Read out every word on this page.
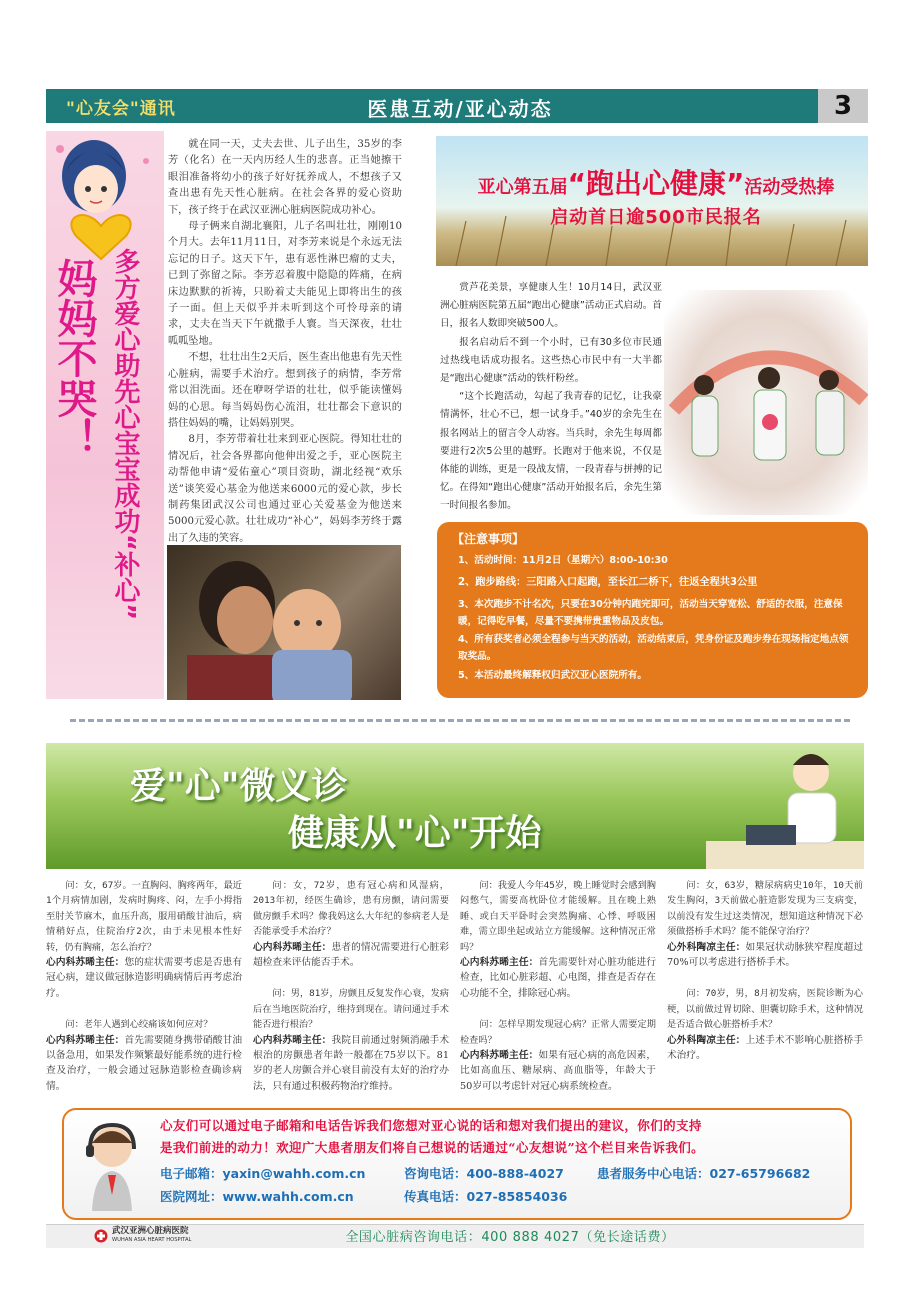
"心友会"通讯	医患互动/亚心动态	3
妈妈不哭！ 多方爱心助先心宝宝成功“补心”

就在同一天，丈夫去世、儿子出生，35岁的李芳（化名）在一天内历经人生的悲喜。正当她擦干眼泪准备将幼小的孩子好好抚养成人，不想孩子又查出患有先天性心脏病。在社会各界的爱心资助下，孩子终于在武汉亚洲心脏病医院成功补心。

母子俩来自湖北襄阳，儿子名叫壮壮，刚刚10个月大。去年11月11日，对李芳来说是个永远无法忘记的日子。这天下午，患有恶性淋巴瘤的丈夫，已到了弥留之际。李芳忍着腹中隐隐的阵痛，在病床边默默的祈祷，只盼着丈夫能见上即将出生的孩子一面。但上天似乎并未听到这个可怜母亲的请求，丈夫在当天下午就撒手人寰。当天深夜，壮壮呱呱坠地。

不想，壮壮出生2天后，医生查出他患有先天性心脏病，需要手术治疗。想到孩子的病情，李芳常常以泪洗面。还在咿呀学语的壮壮，似乎能读懂妈妈的心思。每当妈妈伤心流泪，壮壮都会下意识的搭住妈妈的嘴，让妈妈别哭。

8月，李芳带着壮壮来到亚心医院。得知壮壮的情况后，社会各界都向他伸出爱之手，亚心医院主动帮他申请“爱佑童心”项目资助，湖北经视“欢乐送”谈笑爱心基金为他送来6000元的爱心款，步长制药集团武汉公司也通过亚心关爱基金为他送来5000元爱心款。壮壮成功“补心”，妈妈李芳终于露出了久违的笑容。

亚心第五届“跑出心健康”活动受热捧
启动首日逾500市民报名

赏芦花美景，享健康人生！10月14日，武汉亚洲心脏病医院第五届“跑出心健康”活动正式启动。首日，报名人数即突破500人。

报名启动后不到一个小时，已有30多位市民通过热线电话成功报名。这些热心市民中有一大半都是“跑出心健康”活动的铁杆粉丝。

“这个长跑活动，勾起了我青春的记忆，让我豪情满怀，壮心不已，想一试身手。”40岁的余先生在报名网站上的留言令人动容。当兵时，余先生每周都要进行2次5公里的越野。长跑对于他来说，不仅是体能的训练，更是一段战友情，一段青春与拼搏的记忆。在得知“跑出心健康”活动开始报名后，余先生第一时间报名参加。

【注意事项】
1、活动时间：11月2日（星期六）8:00-10:30
2、跑步路线：三阳路入口起跑，至长江二桥下，往返全程共3公里
3、本次跑步不计名次，只要在30分钟内跑完即可，活动当天穿宽松、舒适的衣服，注意保暖，记得吃早餐，尽量不要携带贵重物品及皮包。
4、所有获奖者必须全程参与当天的活动，活动结束后，凭身份证及跑步券在现场指定地点领取奖品。
5、本活动最终解释权归武汉亚心医院所有。
爱"心"微义诊
健康从"心"开始

问：女，67岁。一直胸闷、胸疼两年，最近1个月病情加剧，发病时胸疼、闷，左手小拇指至肘关节麻木，血压升高，服用硝酸甘油后，病情稍好点，住院治疗2次，由于未见根本性好转，仍有胸痛，怎么治疗？
心内科苏晞主任：您的症状需要考虑是否患有冠心病，建议做冠脉造影明确病情后再考虑治疗。

问：老年人遇到心绞痛该如何应对？
心内科苏晞主任：首先需要随身携带硝酸甘油以备急用，如果发作频繁最好能系统的进行检查及治疗，一般会通过冠脉造影检查确诊病情。

问：女，72岁，患有冠心病和风湿病，2013年初，经医生确诊，患有房颤，请问需要做房颤手术吗？像我妈这么大年纪的参病老人是否能承受手术治疗？
心内科苏晞主任：患者的情况需要进行心脏彩超检查来评估能否手术。

问：男，81岁，房颤且反复发作心衰，发病后在当地医院治疗，维持到现在。请问通过手术能否进行根治？
心内科苏晞主任：我院目前通过射频消融手术根治的房颤患者年龄一般都在75岁以下。81岁的老人房颤合并心衰目前没有太好的治疗办法，只有通过积极药物治疗维持。

问：我爱人今年45岁，晚上睡觉时会感到胸闷憋气，需要高枕卧位才能缓解。且在晚上熟睡、或白天平卧时会突然胸痛、心悸、呼吸困难，需立即坐起或站立方能缓解。这种情况正常吗？
心内科苏晞主任：首先需要针对心脏功能进行检查，比如心脏彩超、心电图，排查是否存在心功能不全，排除冠心病。

问：怎样早期发现冠心病？正常人需要定期检查吗？
心内科苏晞主任：如果有冠心病的高危因素，比如高血压、糖尿病、高血脂等，年龄大于50岁可以考虑针对冠心病系统检查。

问：女，63岁，糖尿病病史10年，10天前发生胸闷，3天前做心脏造影发现为三支病变，以前没有发生过这类情况，想知道这种情况下必须做搭桥手术吗？能不能保守治疗？
心外科陶凉主任：如果冠状动脉狭窄程度超过70%可以考虑进行搭桥手术。

问：70岁，男，8月初发病，医院诊断为心梗，以前做过胃切除、胆囊切除手术，这种情况是否适合做心脏搭桥手术？
心外科陶凉主任：上述手术不影响心脏搭桥手术治疗。

心友们可以通过电子邮箱和电话告诉我们您想对亚心说的话和想对我们提出的建议，你们的支持
是我们前进的动力！欢迎广大患者朋友们将自己想说的话通过“心友想说”这个栏目来告诉我们。
电子邮箱：yaxin@wahh.com.cn	咨询电话：400-888-4027	患者服务中心电话：027-65796682
医院网址：www.wahh.com.cn	传真电话：027-85854036
武汉亚洲心脏病医院
WUHAN ASIA HEART HOSPITAL	全国心脏病咨询电话：400 888 4027（免长途话费）
